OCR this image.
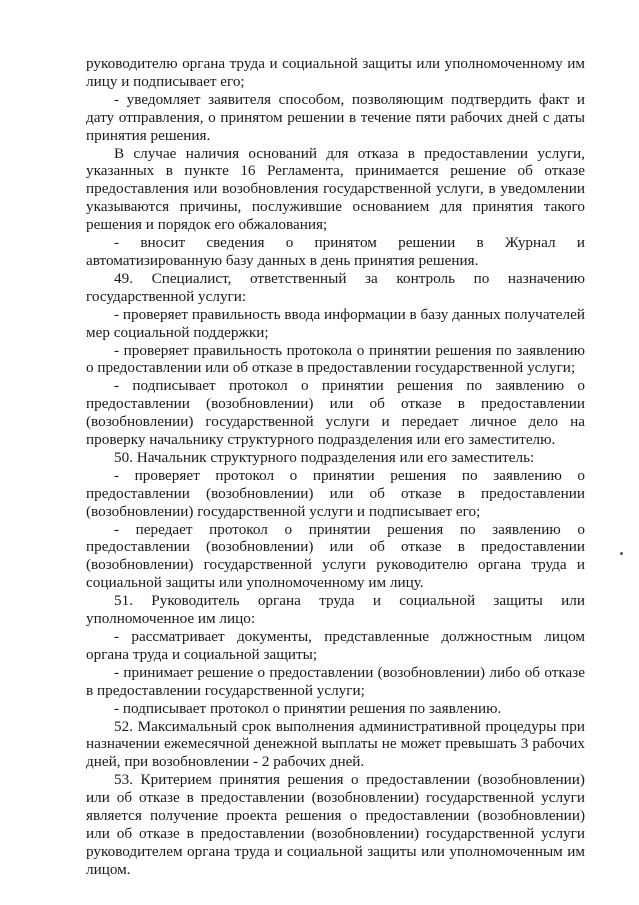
руководителю органа труда и социальной защиты или уполномоченному им лицу и подписывает его;

- уведомляет заявителя способом, позволяющим подтвердить факт и дату отправления, о принятом решении в течение пяти рабочих дней с даты принятия решения.

В случае наличия оснований для отказа в предоставлении услуги, указанных в пункте 16 Регламента, принимается решение об отказе предоставления или возобновления государственной услуги, в уведомлении указываются причины, послужившие основанием для принятия такого решения и порядок его обжалования;

- вносит сведения о принятом решении в Журнал и автоматизированную базу данных в день принятия решения.

49. Специалист, ответственный за контроль по назначению государственной услуги:

- проверяет правильность ввода информации в базу данных получателей мер социальной поддержки;

- проверяет правильность протокола о принятии решения по заявлению о предоставлении или об отказе в предоставлении государственной услуги;

- подписывает протокол о принятии решения по заявлению о предоставлении (возобновлении) или об отказе в предоставлении (возобновлении) государственной услуги и передает личное дело на проверку начальнику структурного подразделения или его заместителю.

50. Начальник структурного подразделения или его заместитель:

- проверяет протокол о принятии решения по заявлению о предоставлении (возобновлении) или об отказе в предоставлении (возобновлении) государственной услуги и подписывает его;

- передает протокол о принятии решения по заявлению о предоставлении (возобновлении) или об отказе в предоставлении (возобновлении) государственной услуги руководителю органа труда и социальной защиты или уполномоченному им лицу.

51. Руководитель органа труда и социальной защиты или уполномоченное им лицо:

- рассматривает документы, представленные должностным лицом органа труда и социальной защиты;

- принимает решение о предоставлении (возобновлении) либо об отказе в предоставлении государственной услуги;

- подписывает протокол о принятии решения по заявлению.

52. Максимальный срок выполнения административной процедуры при назначении ежемесячной денежной выплаты не может превышать 3 рабочих дней, при возобновлении - 2 рабочих дней.

53. Критерием принятия решения о предоставлении (возобновлении) или об отказе в предоставлении (возобновлении) государственной услуги является получение проекта решения о предоставлении (возобновлении) или об отказе в предоставлении (возобновлении) государственной услуги руководителем органа труда и социальной защиты или уполномоченным им лицом.
